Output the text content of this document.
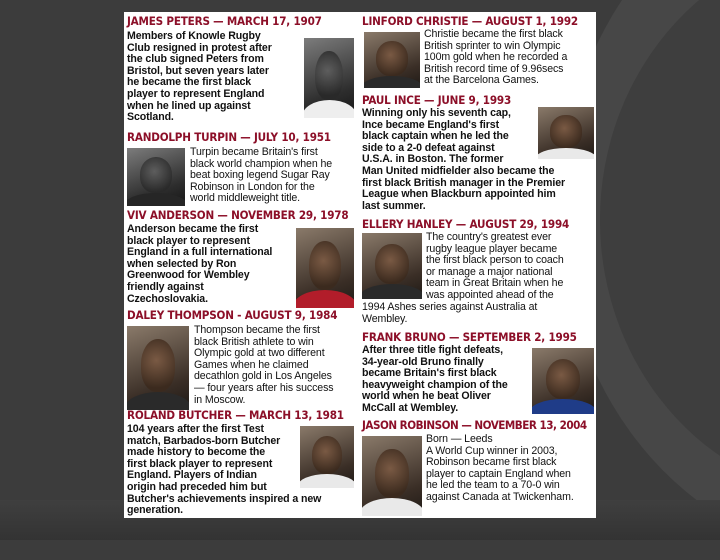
JAMES PETERS — MARCH 17, 1907
Members of Knowle Rugby
Club resigned in protest after
the club signed Peters from
Bristol, but seven years later
he became the first black
player to represent England
when he lined up against
Scotland.
RANDOLPH TURPIN — JULY 10, 1951
Turpin became Britain's first
black world champion when he
beat boxing legend Sugar Ray
Robinson in London for the
world middleweight title.
VIV ANDERSON — NOVEMBER 29, 1978
Anderson became the first
black player to represent
England in a full international
when selected by Ron
Greenwood for Wembley
friendly against
Czechoslovakia.
DALEY THOMPSON - AUGUST 9, 1984
Thompson became the first
black British athlete to win
Olympic gold at two different
Games when he claimed
decathlon gold in Los Angeles
— four years after his success
in Moscow.
ROLAND BUTCHER — MARCH 13, 1981
104 years after the first Test
match, Barbados-born Butcher
made history to become the
first black player to represent
England. Players of Indian
origin had preceded him but
Butcher's achievements inspired a new
generation.
LINFORD CHRISTIE — AUGUST 1, 1992
Christie became the first black
British sprinter to win Olympic
100m gold when he recorded a
British record time of 9.96secs
at the Barcelona Games.
PAUL INCE — JUNE 9, 1993
Winning only his seventh cap,
Ince became England's first
black captain when he led the
side to a 2-0 defeat against
U.S.A. in Boston. The former
Man United midfielder also became the
first black British manager in the Premier
League when Blackburn appointed him
last summer.
ELLERY HANLEY — AUGUST 29, 1994
The country's greatest ever
rugby league player became
the first black person to coach
or manage a major national
team in Great Britain when he
was appointed ahead of the
1994 Ashes series against Australia at
Wembley.
FRANK BRUNO — SEPTEMBER 2, 1995
After three title fight defeats,
34-year-old Bruno finally
became Britain's first black
heavyweight champion of the
world when he beat Oliver
McCall at Wembley.
JASON ROBINSON — NOVEMBER 13, 2004
Born — Leeds
A World Cup winner in 2003,
Robinson became first black
player to captain England when
he led the team to a 70-0 win
against Canada at Twickenham.
